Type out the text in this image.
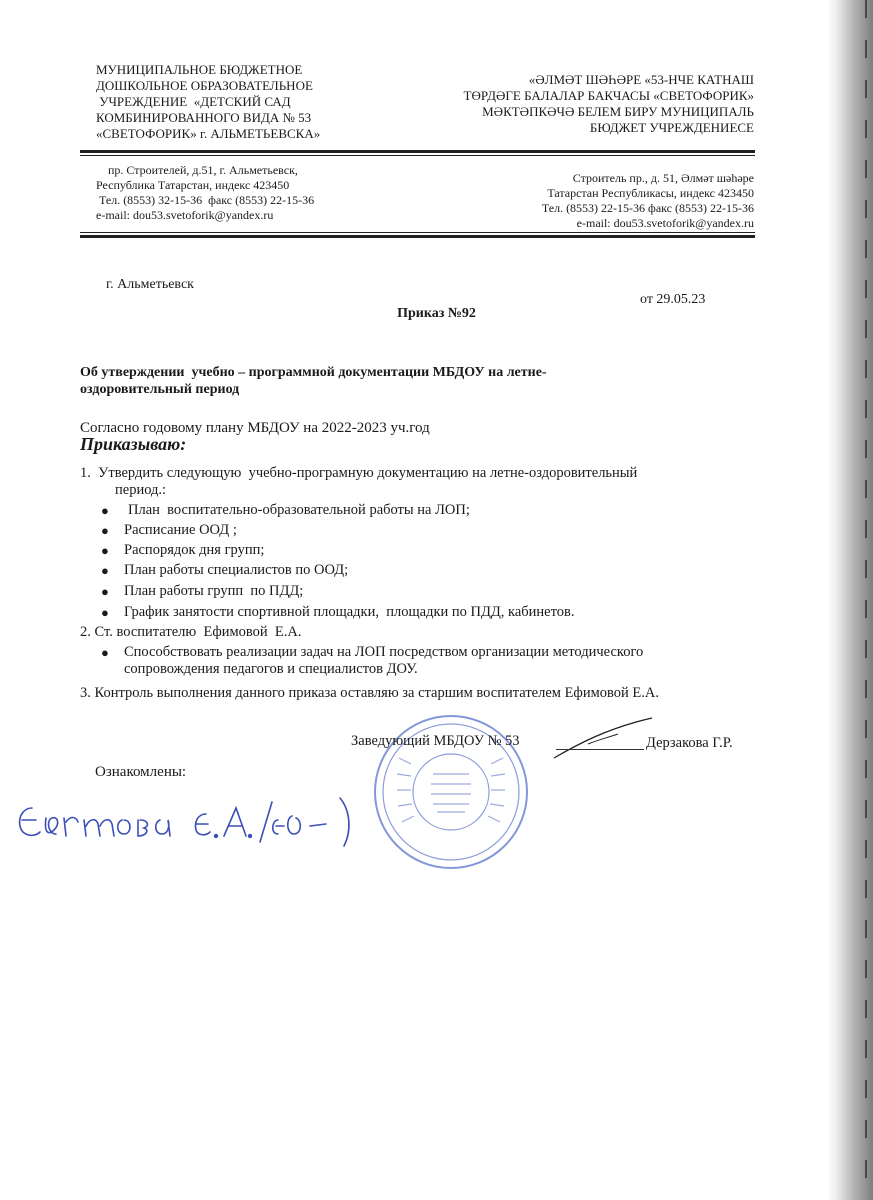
МУНИЦИПАЛЬНОЕ БЮДЖЕТНОЕ
ДОШКОЛЬНОЕ ОБРАЗОВАТЕЛЬНОЕ
УЧРЕЖДЕНИЕ  «ДЕТСКИЙ САД
КОМБИНИРОВАННОГО ВИДА № 53
«СВЕТОФОРИК» г. АЛЬМЕТЬЕВСКА»
«ӘЛМӘТ ШӘҺӘРЕ «53-НЧЕ КАТНАШ
ТӨРДӘГЕ БАЛАЛАР БАКЧАСЫ «СВЕТОФОРИК»
МӘКТӘПКӘЧӘ БЕЛЕМ БИРУ МУНИЦИПАЛЬ
БЮДЖЕТ УЧРЕЖДЕНИЕСЕ
пр. Строителей, д.51, г. Альметьевск,
Республика Татарстан, индекс 423450
Тел. (8553) 32-15-36  факс (8553) 22-15-36
e-mail: dou53.svetoforik@yandex.ru
Строитель пр., д. 51, Әлмәт шәһәре
Татарстан Республикасы, индекс 423450
Тел. (8553) 22-15-36 факс (8553) 22-15-36
e-mail: dou53.svetoforik@yandex.ru
г. Альметьевск
от 29.05.23
Приказ №92
Об утверждении  учебно – программной документации МБДОУ на летне-
оздоровительный период
Согласно годовому плану МБДОУ на 2022-2023 уч.год
Приказываю:
1.  Утвердить следующую  учебно-програмную документацию на летне-оздоровительный
период.:
● План  воспитательно-образовательной работы на ЛОП;
● Расписание ООД ;
● Распорядок дня групп;
● План работы специалистов по ООД;
● План работы групп  по ПДД;
● График занятости спортивной площадки,  площадки по ПДД, кабинетов.
2. Ст. воспитателю  Ефимовой  Е.А.
● Способствовать реализации задач на ЛОП посредством организации методического
сопровождения педагогов и специалистов ДОУ.
3. Контроль выполнения данного приказа оставляю за старшим воспитателем Ефимовой Е.А.
Заведующий МБДОУ № 53	Дерзакова Г.Р.
Ознакомлены:
